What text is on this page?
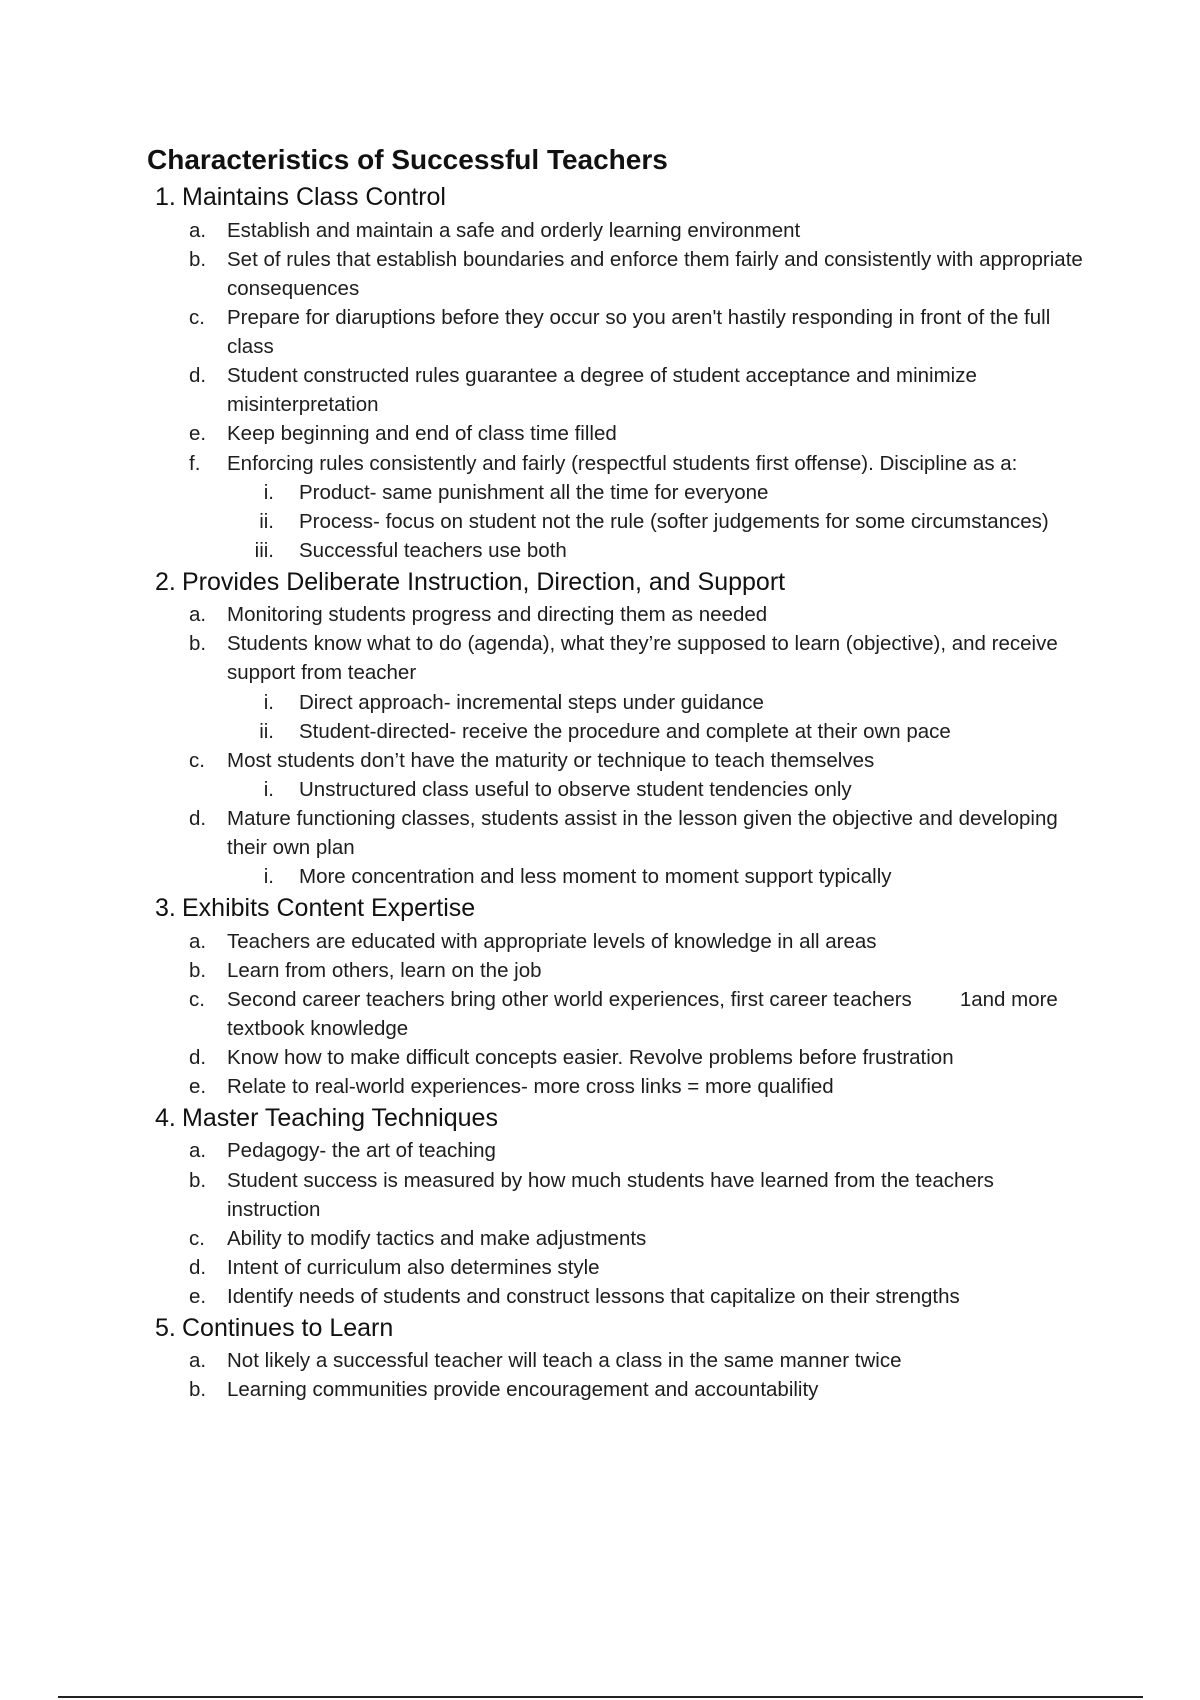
Characteristics of Successful Teachers
1. Maintains Class Control
a.	Establish and maintain a safe and orderly learning environment
b.	Set of rules that establish boundaries and enforce them fairly and consistently with appropriate consequences
c.	Prepare for diaruptions before they occur so you aren't hastily responding in front of the full class
d.	Student constructed rules guarantee a degree of student acceptance and minimize misinterpretation
e.	Keep beginning and end of class time filled
f.	Enforcing rules consistently and fairly (respectful students first offense). Discipline as a:
i.	Product- same punishment all the time for everyone
ii.	Process- focus on student not the rule (softer judgements for some circumstances)
iii.	Successful teachers use both
2. Provides Deliberate Instruction, Direction, and Support
a.	Monitoring students progress and directing them as needed
b.	Students know what to do (agenda), what they’re supposed to learn (objective), and receive support from teacher
i.	Direct approach- incremental steps under guidance
ii.	Student-directed- receive the procedure and complete at their own pace
c.	Most students don’t have the maturity or technique to teach themselves
i.	Unstructured class useful to observe student tendencies only
d.	Mature functioning classes, students assist in the lesson given the objective and developing their own plan
i.	More concentration and less moment to moment support typically
3. Exhibits Content Expertise
a.	Teachers are educated with appropriate levels of knowledge in all areas
b.	Learn from others, learn on the job
c.	Second career teachers bring other world experiences, first career teachers 1and more textbook knowledge
d.	Know how to make difficult concepts easier. Revolve problems before frustration
e.	Relate to real-world experiences- more cross links = more qualified
4. Master Teaching Techniques
a.	Pedagogy- the art of teaching
b.	Student success is measured by how much students have learned from the teachers instruction
c.	Ability to modify tactics and make adjustments
d.	Intent of curriculum also determines style
e.	Identify needs of students and construct lessons that capitalize on their strengths
5. Continues to Learn
a.	Not likely a successful teacher will teach a class in the same manner twice
b.	Learning communities provide encouragement and accountability
